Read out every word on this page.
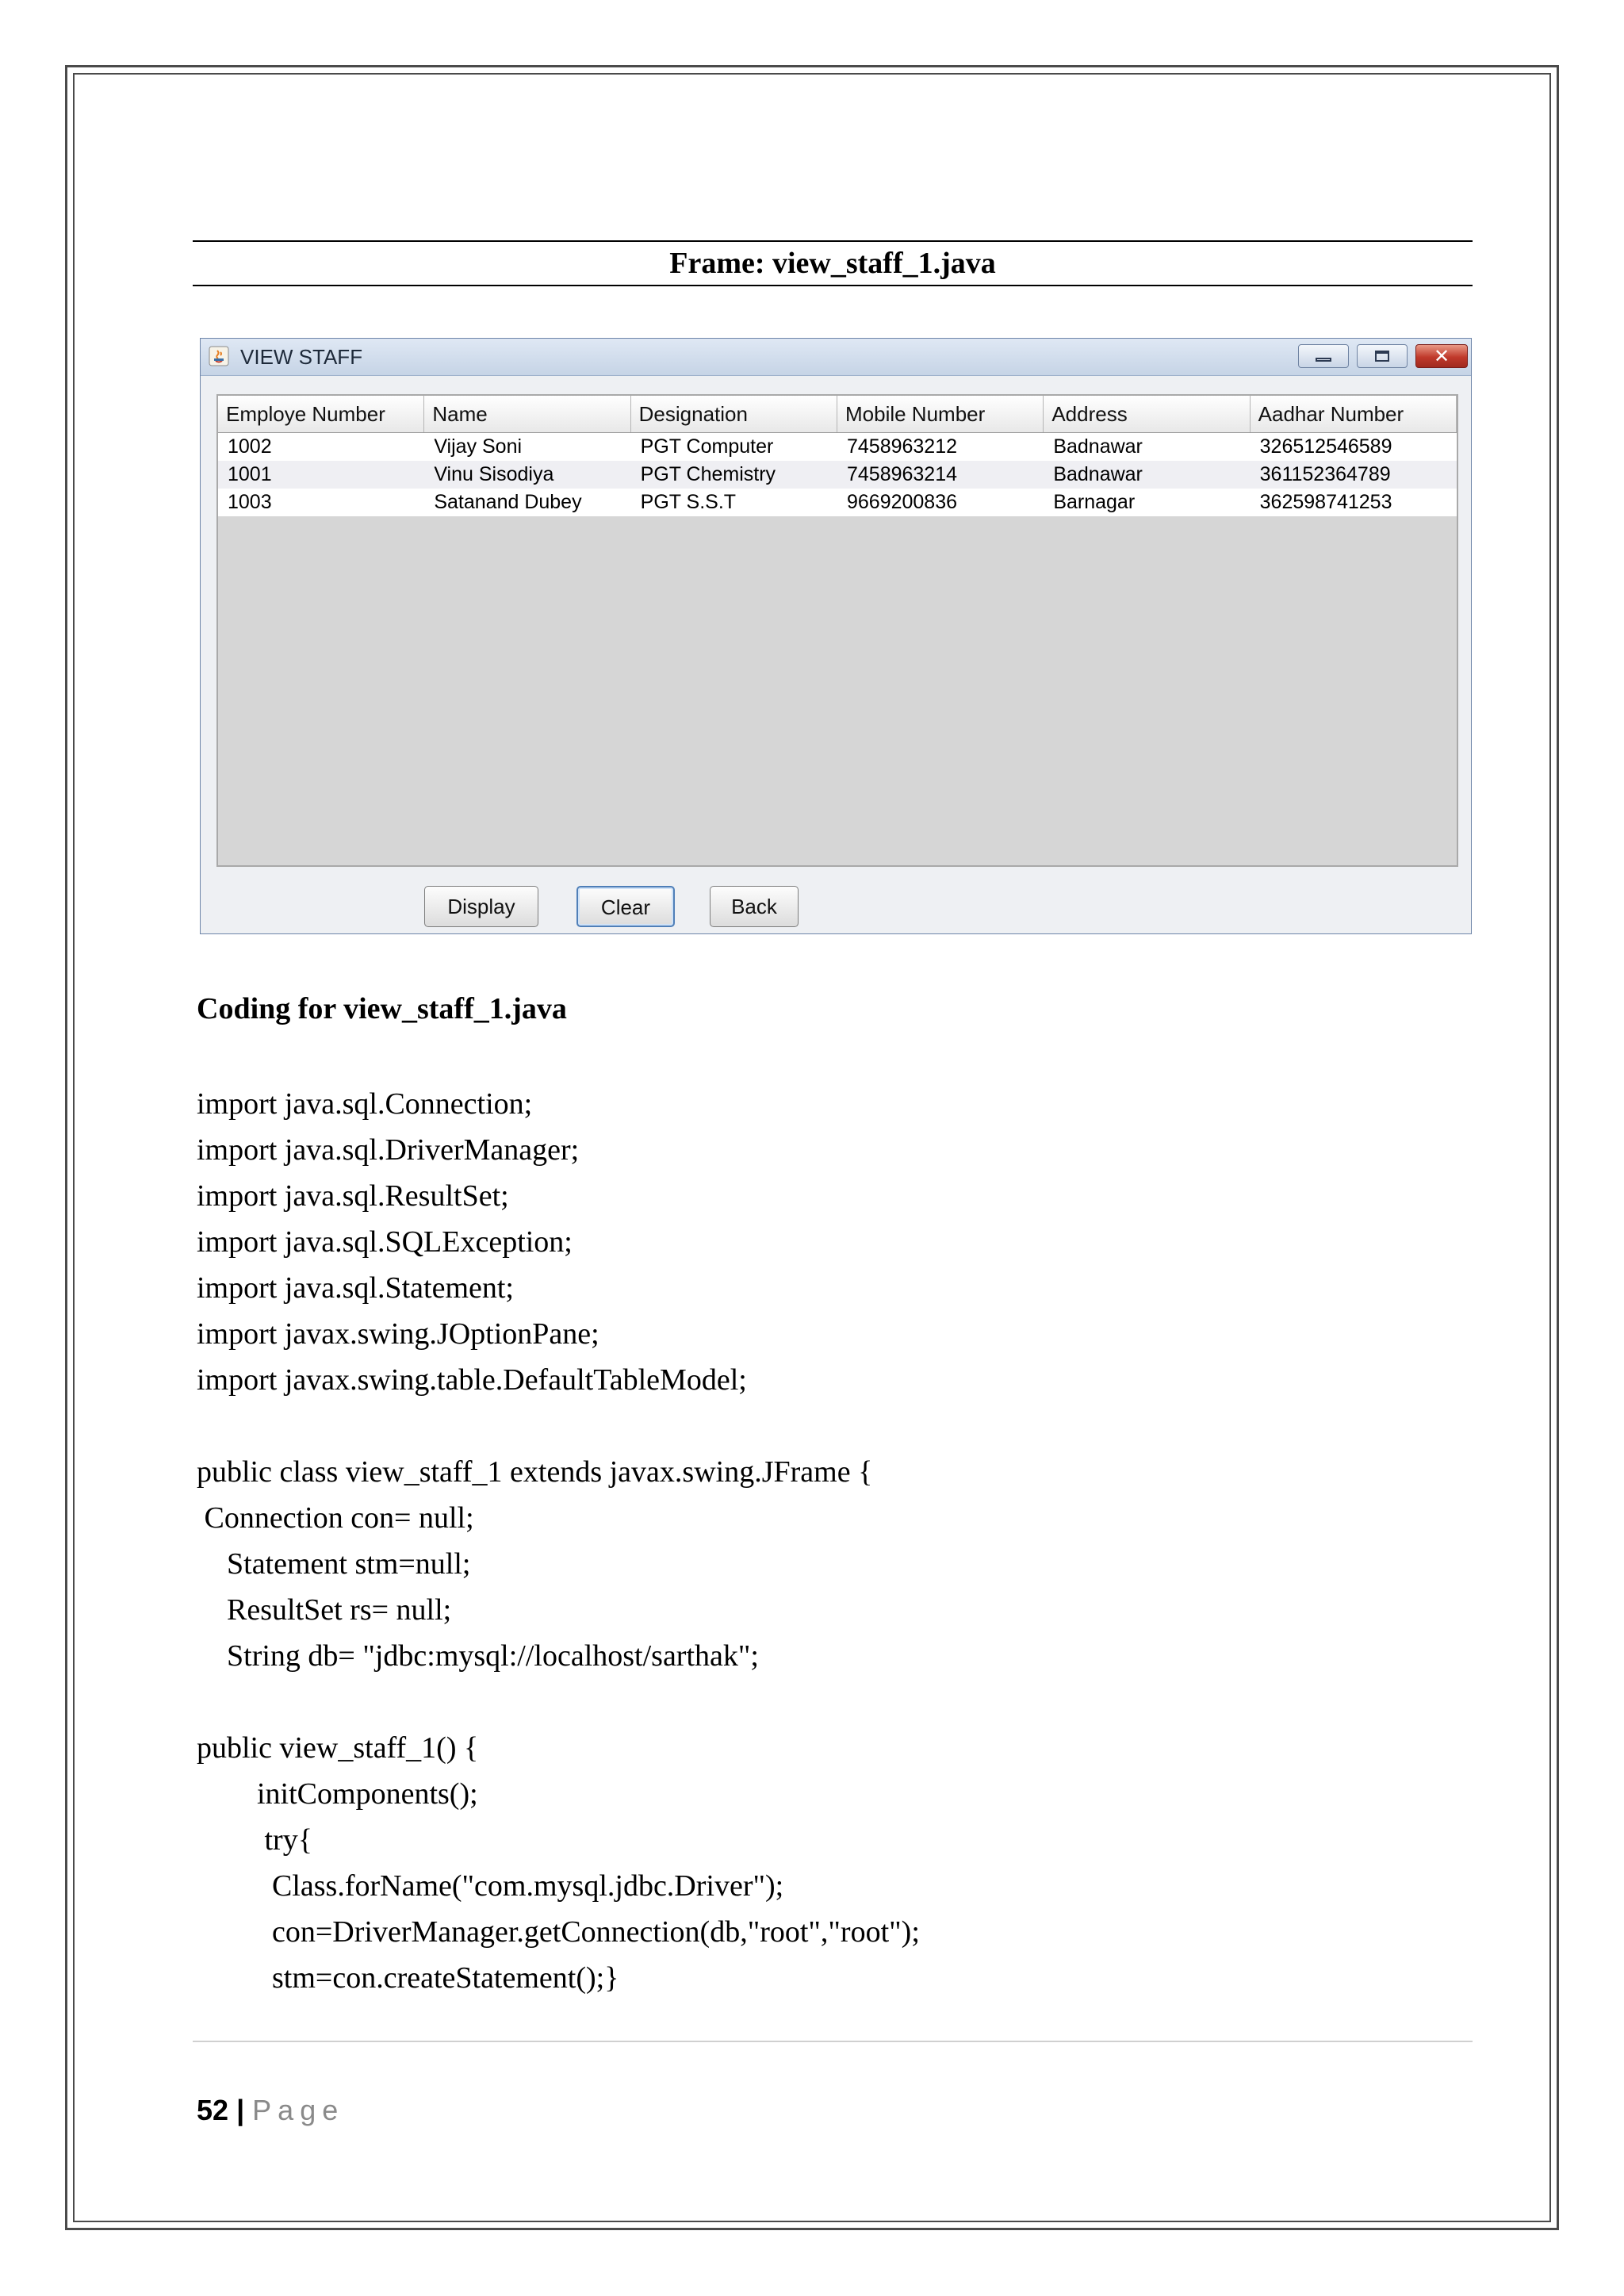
Frame: view_staff_1.java
VIEW STAFF	✕
Employe Number	Name	Designation	Mobile Number	Address	Aadhar Number
1002	Vijay Soni	PGT Computer	7458963212	Badnawar	326512546589
1001	Vinu Sisodiya	PGT Chemistry	7458963214	Badnawar	361152364789
1003	Satanand Dubey	PGT S.S.T	9669200836	Barnagar	362598741253
Display	Clear	Back
Coding for view_staff_1.java
import java.sql.Connection;
import java.sql.DriverManager;
import java.sql.ResultSet;
import java.sql.SQLException;
import java.sql.Statement;
import javax.swing.JOptionPane;
import javax.swing.table.DefaultTableModel;
public class view_staff_1 extends javax.swing.JFrame {
Connection con= null;
Statement stm=null;
ResultSet rs= null;
String db= "jdbc:mysql://localhost/sarthak";
public view_staff_1() {
initComponents();
try{
Class.forName("com.mysql.jdbc.Driver");
con=DriverManager.getConnection(db,"root","root");
stm=con.createStatement();}
52 | Page
